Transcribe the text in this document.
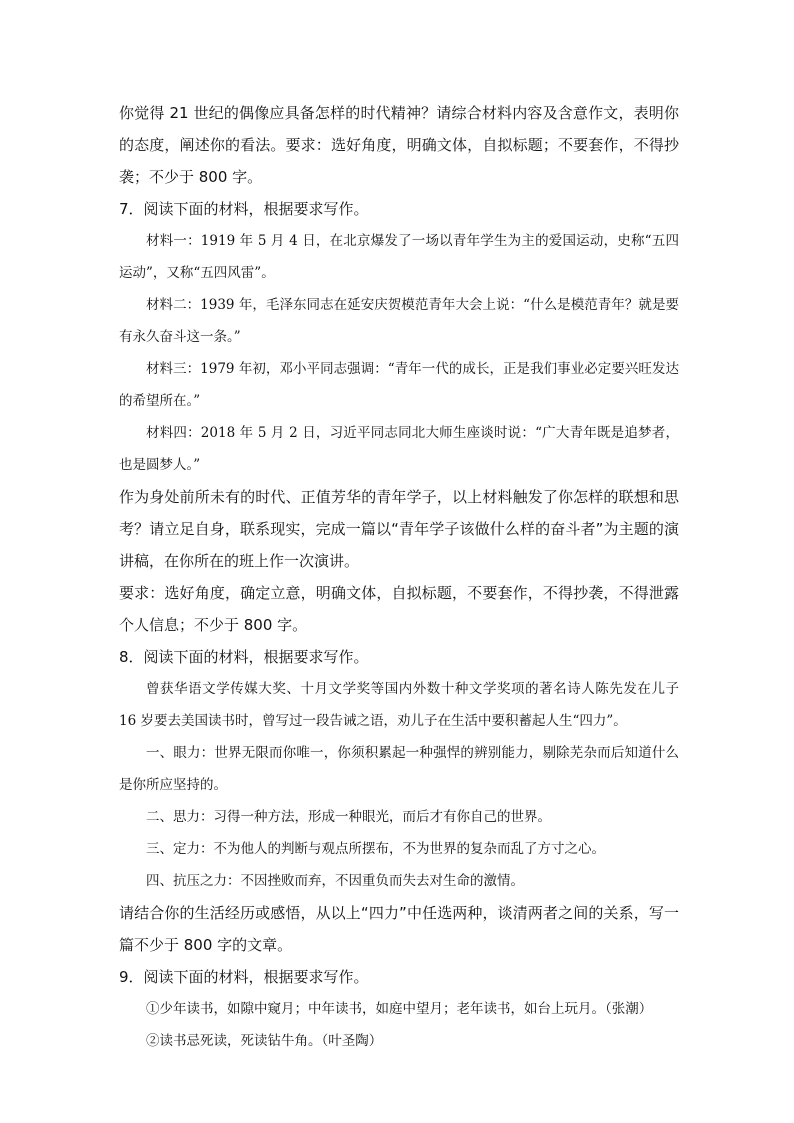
你觉得 21 世纪的偶像应具备怎样的时代精神？请综合材料内容及含意作文，表明你的态度，阐述你的看法。要求：选好角度，明确文体，自拟标题；不要套作，不得抄袭；不少于 800 字。

7．阅读下面的材料，根据要求写作。

材料一：1919 年 5 月 4 日，在北京爆发了一场以青年学生为主的爱国运动，史称“五四运动”，又称“五四风雷”。

材料二：1939 年，毛泽东同志在延安庆贺模范青年大会上说：“什么是模范青年？就是要有永久奋斗这一条。”

材料三：1979 年初，邓小平同志强调：“青年一代的成长，正是我们事业必定要兴旺发达的希望所在。”

材料四：2018 年 5 月 2 日，习近平同志同北大师生座谈时说：“广大青年既是追梦者，也是圆梦人。”

作为身处前所未有的时代、正值芳华的青年学子，以上材料触发了你怎样的联想和思考？请立足自身，联系现实，完成一篇以“青年学子该做什么样的奋斗者”为主题的演讲稿，在你所在的班上作一次演讲。

要求：选好角度，确定立意，明确文体，自拟标题，不要套作，不得抄袭，不得泄露个人信息；不少于 800 字。

8．阅读下面的材料，根据要求写作。

曾获华语文学传媒大奖、十月文学奖等国内外数十种文学奖项的著名诗人陈先发在儿子 16 岁要去美国读书时，曾写过一段告诫之语，劝儿子在生活中要积蓄起人生“四力”。

一、眼力：世界无限而你唯一，你须积累起一种强悍的辨别能力，剔除芜杂而后知道什么是你所应坚持的。

二、思力：习得一种方法，形成一种眼光，而后才有你自己的世界。

三、定力：不为他人的判断与观点所摆布，不为世界的复杂而乱了方寸之心。

四、抗压之力：不因挫败而弃，不因重负而失去对生命的激情。

请结合你的生活经历或感悟，从以上“四力”中任选两种，谈清两者之间的关系，写一篇不少于 800 字的文章。

9．阅读下面的材料，根据要求写作。

①少年读书，如隙中窥月；中年读书，如庭中望月；老年读书，如台上玩月。（张潮）

②读书忌死读，死读钻牛角。（叶圣陶）
